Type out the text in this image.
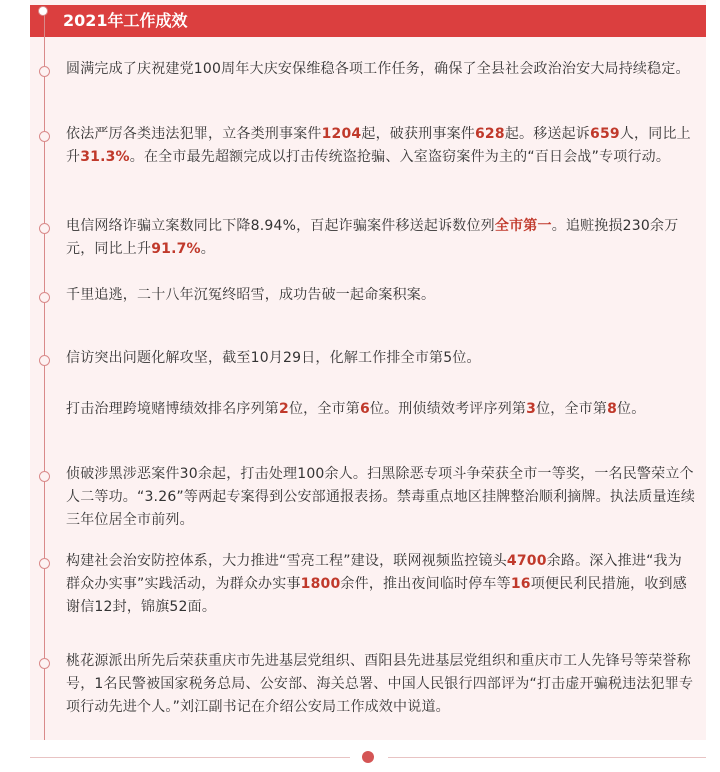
2021年工作成效

圆满完成了庆祝建党100周年大庆安保维稳各项工作任务，确保了全县社会政治治安大局持续稳定。

依法严厉各类违法犯罪，立各类刑事案件1204起，破获刑事案件628起。移送起诉659人，同比上升31.3%。在全市最先超额完成以打击传统盗抢骗、入室盗窃案件为主的“百日会战”专项行动。

电信网络诈骗立案数同比下降8.94%，百起诈骗案件移送起诉数位列全市第一。追赃挽损230余万元，同比上升91.7%。

千里追逃，二十八年沉冤终昭雪，成功告破一起命案积案。

信访突出问题化解攻坚，截至10月29日，化解工作排全市第5位。

打击治理跨境赌博绩效排名序列第2位，全市第6位。刑侦绩效考评序列第3位，全市第8位。

侦破涉黑涉恶案件30余起，打击处理100余人。扫黑除恶专项斗争荣获全市一等奖，一名民警荣立个人二等功。“3.26”等两起专案得到公安部通报表扬。禁毒重点地区挂牌整治顺利摘牌。执法质量连续三年位居全市前列。

构建社会治安防控体系，大力推进“雪亮工程”建设，联网视频监控镜头4700余路。深入推进“我为群众办实事”实践活动，为群众办实事1800余件，推出夜间临时停车等16项便民利民措施，收到感谢信12封，锦旗52面。

桃花源派出所先后荣获重庆市先进基层党组织、酉阳县先进基层党组织和重庆市工人先锋号等荣誉称号，1名民警被国家税务总局、公安部、海关总署、中国人民银行四部评为“打击虚开骗税违法犯罪专项行动先进个人。”刘江副书记在介绍公安局工作成效中说道。
